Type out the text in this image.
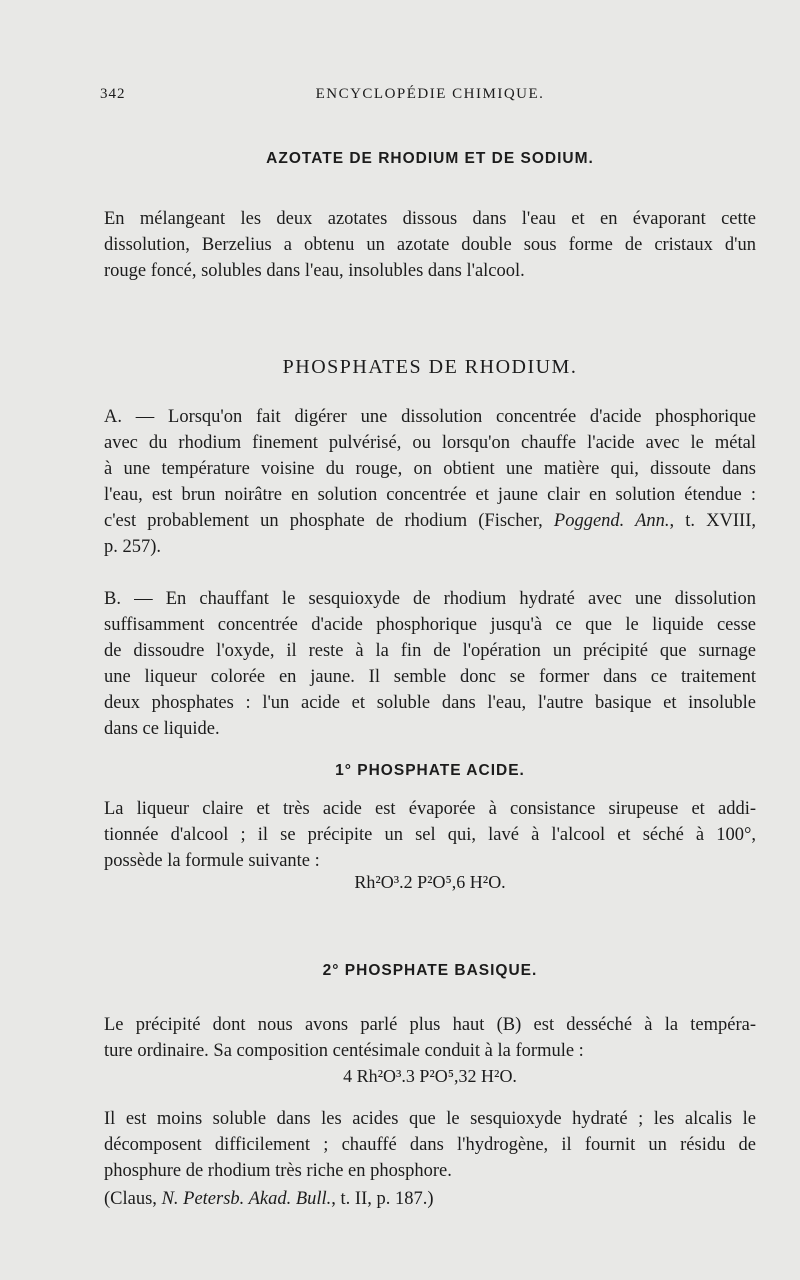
342	ENCYCLOPÉDIE CHIMIQUE.
AZOTATE DE RHODIUM ET DE SODIUM.
En mélangeant les deux azotates dissous dans l'eau et en évaporant cette
dissolution, Berzelius a obtenu un azotate double sous forme de cristaux d'un
rouge foncé, solubles dans l'eau, insolubles dans l'alcool.
PHOSPHATES DE RHODIUM.
A. — Lorsqu'on fait digérer une dissolution concentrée d'acide phosphorique
avec du rhodium finement pulvérisé, ou lorsqu'on chauffe l'acide avec le métal
à une température voisine du rouge, on obtient une matière qui, dissoute dans
l'eau, est brun noirâtre en solution concentrée et jaune clair en solution étendue :
c'est probablement un phosphate de rhodium (Fischer, Poggend. Ann., t. XVIII,
p. 257).
B. — En chauffant le sesquioxyde de rhodium hydraté avec une dissolution
suffisamment concentrée d'acide phosphorique jusqu'à ce que le liquide cesse
de dissoudre l'oxyde, il reste à la fin de l'opération un précipité que surnage
une liqueur colorée en jaune. Il semble donc se former dans ce traitement
deux phosphates : l'un acide et soluble dans l'eau, l'autre basique et insoluble
dans ce liquide.
1° PHOSPHATE ACIDE.
La liqueur claire et très acide est évaporée à consistance sirupeuse et addi-
tionnée d'alcool ; il se précipite un sel qui, lavé à l'alcool et séché à 100°,
possède la formule suivante :
Rh²O³.2 P²O⁵,6 H²O.
2° PHOSPHATE BASIQUE.
Le précipité dont nous avons parlé plus haut (B) est desséché à la tempéra-
ture ordinaire. Sa composition centésimale conduit à la formule :
4 Rh²O³.3 P²O⁵,32 H²O.
Il est moins soluble dans les acides que le sesquioxyde hydraté ; les alcalis le
décomposent difficilement ; chauffé dans l'hydrogène, il fournit un résidu de
phosphure de rhodium très riche en phosphore.
(Claus, N. Petersb. Akad. Bull., t. II, p. 187.)
